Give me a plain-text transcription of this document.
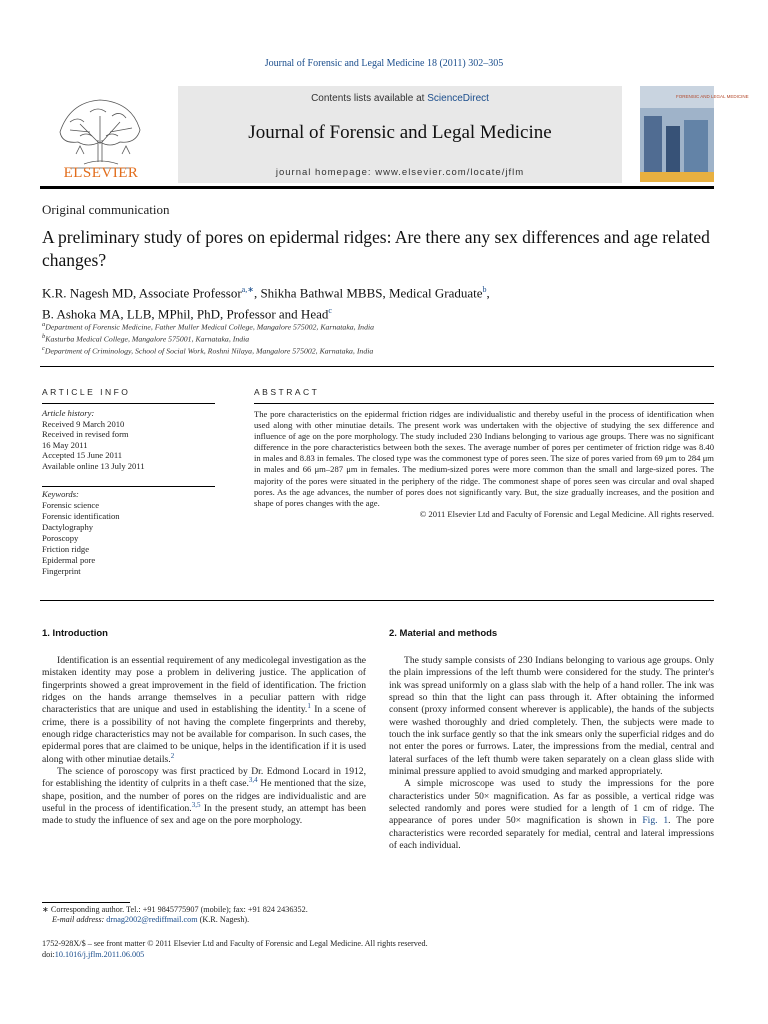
Journal of Forensic and Legal Medicine 18 (2011) 302–305
ELSEVIER
Contents lists available at ScienceDirect
Journal of Forensic and Legal Medicine
journal homepage: www.elsevier.com/locate/jflm
FORENSIC AND LEGAL MEDICINE
Original communication
A preliminary study of pores on epidermal ridges: Are there any sex differences and age related changes?
K.R. Nagesh MD, Associate Professor$^{a,∗}$, Shikha Bathwal MBBS, Medical Graduate$^b$,
B. Ashoka MA, LLB, MPhil, PhD, Professor and Head$^c$
$^a$Department of Forensic Medicine, Father Muller Medical College, Mangalore 575002, Karnataka, India
$^b$Kasturba Medical College, Mangalore 575001, Karnataka, India
$^c$Department of Criminology, School of Social Work, Roshni Nilaya, Mangalore 575002, Karnataka, India
ARTICLE INFO
Article history:
Received 9 March 2010
Received in revised form
16 May 2011
Accepted 15 June 2011
Available online 13 July 2011
Keywords:
Forensic science
Forensic identification
Dactylography
Poroscopy
Friction ridge
Epidermal pore
Fingerprint
ABSTRACT
The pore characteristics on the epidermal friction ridges are individualistic and thereby useful in the process of identification when used along with other minutiae details. The present work was undertaken with the objective of studying the sex difference and influence of age on the pore morphology. The study included 230 Indians belonging to various age groups. There was no significant difference in the pore characteristics between both the sexes. The average number of pores per centimeter of friction ridge was 8.40 in males and 8.83 in females. The closed type was the commonest type of pores seen. The size of pores varied from 69 μm to 284 μm in males and 66 μm–287 μm in females. The medium-sized pores were more common than the small and large-sized pores. The majority of the pores were situated in the periphery of the ridge. The commonest shape of pores seen was circular and oval shaped pores. As the age advances, the number of pores does not significantly vary. But, the size gradually increases, and the position and shape of pores changes with the age.
© 2011 Elsevier Ltd and Faculty of Forensic and Legal Medicine. All rights reserved.
1. Introduction

Identification is an essential requirement of any medicolegal investigation as the mistaken identity may pose a problem in delivering justice. The application of fingerprints showed a great improvement in the field of identification. The friction ridges on the hands arrange themselves in a peculiar pattern with ridge characteristics that are unique and used in establishing the identity.$^1$ In a scene of crime, there is a possibility of not having the complete fingerprints and thereby, enough ridge characteristics may not be available for comparison. In such cases, the epidermal pores that are claimed to be unique, helps in the identification if it is used along with other minutiae details.$^2$

The science of poroscopy was first practiced by Dr. Edmond Locard in 1912, for establishing the identity of culprits in a theft case.$^{3,4}$ He mentioned that the size, shape, position, and the number of pores on the ridges are individualistic and are useful in the process of identification.$^{3,5}$ In the present study, an attempt has been made to study the influence of sex and age on the pore morphology.

2. Material and methods

The study sample consists of 230 Indians belonging to various age groups. Only the plain impressions of the left thumb were considered for the study. The printer's ink was spread uniformly on a glass slab with the help of a hand roller. The ink was spread so thin that the light can pass through it. After obtaining the informed consent (proxy informed consent wherever is applicable), the hands of the subjects were washed thoroughly and dried completely. Then, the subjects were made to touch the ink surface gently so that the ink smears only the superficial ridges and do not enter the pores or furrows. Later, the impressions from the medial, central and lateral surfaces of the left thumb were taken separately on a clean glass slide with minimal pressure applied to avoid smudging and marked appropriately.

A simple microscope was used to study the impressions for the pore characteristics under 50× magnification. As far as possible, a vertical ridge was selected randomly and pores were studied for a length of 1 cm of ridge. The appearance of pores under 50× magnification is shown in Fig. 1. The pore characteristics were recorded separately for medial, central and lateral impressions of each individual.

∗ Corresponding author. Tel.: +91 9845775907 (mobile); fax: +91 824 2436352.
E-mail address: drnag2002@rediffmail.com (K.R. Nagesh).
1752-928X/$ – see front matter © 2011 Elsevier Ltd and Faculty of Forensic and Legal Medicine. All rights reserved.
doi:10.1016/j.jflm.2011.06.005
